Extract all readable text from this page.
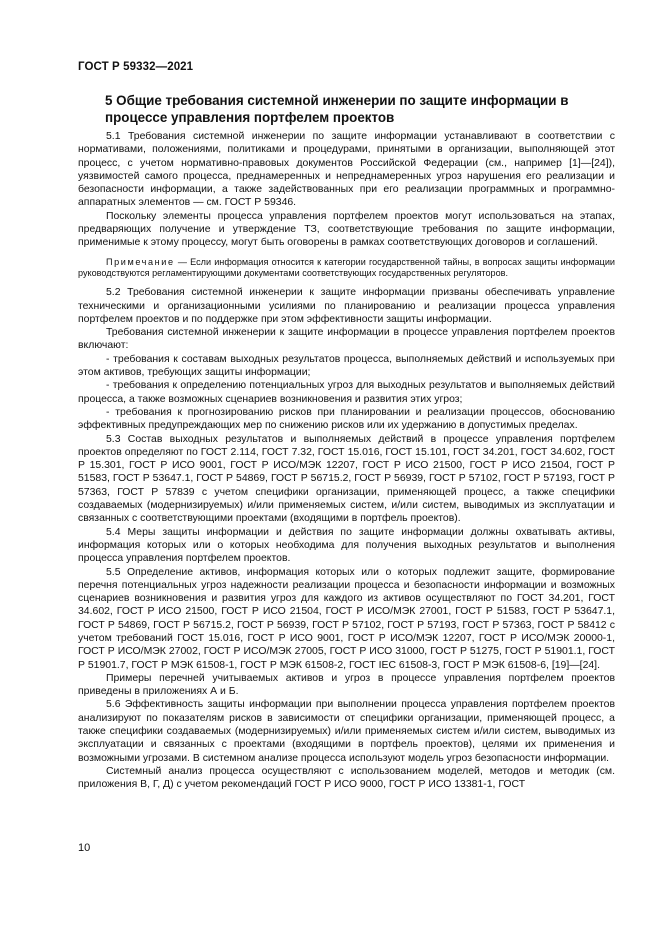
ГОСТ Р 59332—2021
5 Общие требования системной инженерии по защите информации в процессе управления портфелем проектов

5.1 Требования системной инженерии по защите информации устанавливают в соответствии с нормативами, положениями, политиками и процедурами, принятыми в организации, выполняющей этот процесс, с учетом нормативно-правовых документов Российской Федерации (см., например [1]—[24]), уязвимостей самого процесса, преднамеренных и непреднамеренных угроз нарушения его реализации и безопасности информации, а также задействованных при его реализации программных и программно-аппаратных элементов — см. ГОСТ Р 59346.

Поскольку элементы процесса управления портфелем проектов могут использоваться на этапах, предваряющих получение и утверждение ТЗ, соответствующие требования по защите информации, применимые к этому процессу, могут быть оговорены в рамках соответствующих договоров и соглашений.

Примечание — Если информация относится к категории государственной тайны, в вопросах защиты информации руководствуются регламентирующими документами соответствующих государственных регуляторов.

5.2 Требования системной инженерии к защите информации призваны обеспечивать управление техническими и организационными усилиями по планированию и реализации процесса управления портфелем проектов и по поддержке при этом эффективности защиты информации.

Требования системной инженерии к защите информации в процессе управления портфелем проектов включают:

- требования к составам выходных результатов процесса, выполняемых действий и используемых при этом активов, требующих защиты информации;

- требования к определению потенциальных угроз для выходных результатов и выполняемых действий процесса, а также возможных сценариев возникновения и развития этих угроз;

- требования к прогнозированию рисков при планировании и реализации процессов, обоснованию эффективных предупреждающих мер по снижению рисков или их удержанию в допустимых пределах.

5.3 Состав выходных результатов и выполняемых действий в процессе управления портфелем проектов определяют по ГОСТ 2.114, ГОСТ 7.32, ГОСТ 15.016, ГОСТ 15.101, ГОСТ 34.201, ГОСТ 34.602, ГОСТ Р 15.301, ГОСТ Р ИСО 9001, ГОСТ Р ИСО/МЭК 12207, ГОСТ Р ИСО 21500, ГОСТ Р ИСО 21504, ГОСТ Р 51583, ГОСТ Р 53647.1, ГОСТ Р 54869, ГОСТ Р 56715.2, ГОСТ Р 56939, ГОСТ Р 57102, ГОСТ Р 57193, ГОСТ Р 57363, ГОСТ Р 57839 с учетом специфики организации, применяющей процесс, а также специфики создаваемых (модернизируемых) и/или применяемых систем, и/или систем, выводимых из эксплуатации и связанных с соответствующими проектами (входящими в портфель проектов).

5.4 Меры защиты информации и действия по защите информации должны охватывать активы, информация которых или о которых необходима для получения выходных результатов и выполнения процесса управления портфелем проектов.

5.5 Определение активов, информация которых или о которых подлежит защите, формирование перечня потенциальных угроз надежности реализации процесса и безопасности информации и возможных сценариев возникновения и развития угроз для каждого из активов осуществляют по ГОСТ 34.201, ГОСТ 34.602, ГОСТ Р ИСО 21500, ГОСТ Р ИСО 21504, ГОСТ Р ИСО/МЭК 27001, ГОСТ Р 51583, ГОСТ Р 53647.1, ГОСТ Р 54869, ГОСТ Р 56715.2, ГОСТ Р 56939, ГОСТ Р 57102, ГОСТ Р 57193, ГОСТ Р 57363, ГОСТ Р 58412 с учетом требований ГОСТ 15.016, ГОСТ Р ИСО 9001, ГОСТ Р ИСО/МЭК 12207, ГОСТ Р ИСО/МЭК 20000-1, ГОСТ Р ИСО/МЭК 27002, ГОСТ Р ИСО/МЭК 27005, ГОСТ Р ИСО 31000, ГОСТ Р 51275, ГОСТ Р 51901.1, ГОСТ Р 51901.7, ГОСТ Р МЭК 61508-1, ГОСТ Р МЭК 61508-2, ГОСТ IEC 61508-3, ГОСТ Р МЭК 61508-6, [19]—[24].

Примеры перечней учитываемых активов и угроз в процессе управления портфелем проектов приведены в приложениях А и Б.

5.6 Эффективность защиты информации при выполнении процесса управления портфелем проектов анализируют по показателям рисков в зависимости от специфики организации, применяющей процесс, а также специфики создаваемых (модернизируемых) и/или применяемых систем и/или систем, выводимых из эксплуатации и связанных с проектами (входящими в портфель проектов), целями их применения и возможными угрозами. В системном анализе процесса используют модель угроз безопасности информации.

Системный анализ процесса осуществляют с использованием моделей, методов и методик (см. приложения В, Г, Д) с учетом рекомендаций ГОСТ Р ИСО 9000, ГОСТ Р ИСО 13381-1, ГОСТ

10
